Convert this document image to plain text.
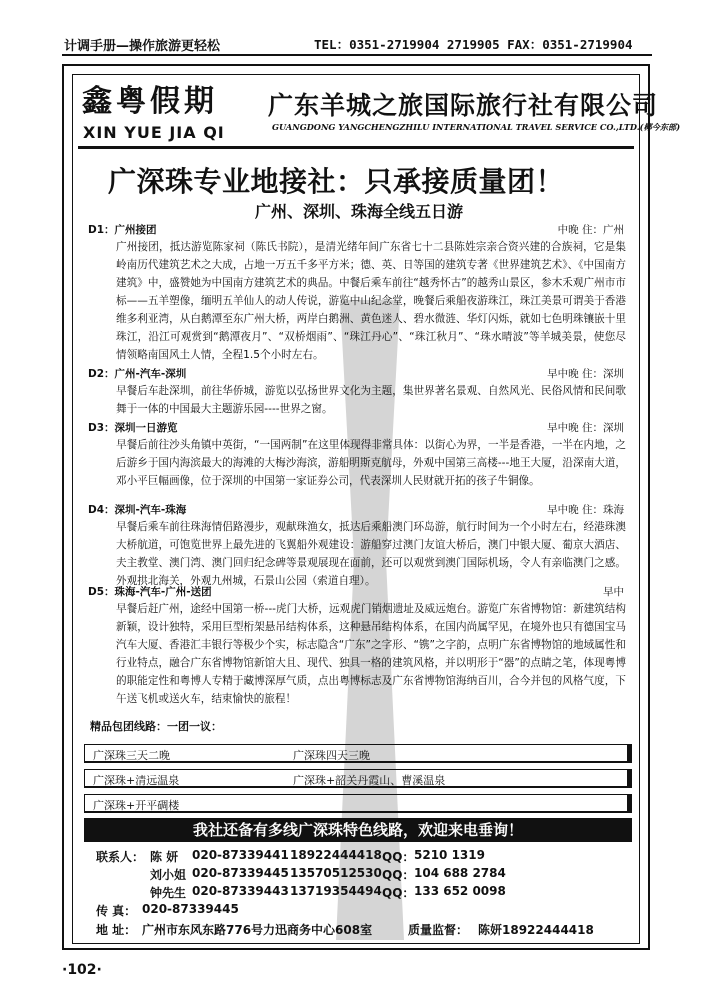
计调手册—操作旅游更轻松	TEL：0351-2719904 2719905 FAX：0351-2719904
鑫粤假期
XIN YUE JIA QI
广东羊城之旅国际旅行社有限公司
GUANGDONG YANGCHENGZHILU INTERNATIONAL TRAVEL SERVICE CO.,LTD.(椰今东部)
广深珠专业地接社：只承接质量团！
广州、深圳、珠海全线五日游
D1：广州接团	中晚 住：广州

广州接团，抵达游览陈家祠（陈氏书院），是清光绪年间广东省七十二县陈姓宗亲合资兴建的合族祠，它是集岭南历代建筑艺术之大成，占地一万五千多平方米；德、英、日等国的建筑专著《世界建筑艺术》、《中国南方建筑》中，盛赞她为中国南方建筑艺术的典品。中餐后乘车前往“越秀怀古”的越秀山景区，参木禾观广州市市标——五羊塑像，缅明五羊仙人的动人传说，游览中山纪念堂，晚餐后乘船夜游珠江，珠江美景可谓美于香港维多利亚湾，从白鹅潭至东广州大桥，两岸白鹅洲、黄色迷人、碧水微涟、华灯闪烁，就如七色明珠镶嵌十里珠江，沿江可观赏到“鹅潭夜月”、“双桥烟雨”、“珠江丹心”、“珠江秋月”、“珠水晴波”等羊城美景，使您尽情领略南国风土人情，全程1.5个小时左右。

D2：广州-汽车-深圳	早中晚 住：深圳

早餐后车赴深圳，前往华侨城，游览以弘扬世界文化为主题，集世界著名景观、自然风光、民俗风情和民间歌舞于一体的中国最大主题游乐园----世界之窗。

D3：深圳一日游览	早中晚 住：深圳

早餐后前往沙头角镇中英街，“一国两制”在这里体现得非常具体：以街心为界，一半是香港，一半在内地，之后游乡于国内海滨最大的海滩的大梅沙海滨，游船明斯克航母，外观中国第三高楼---地王大厦，沿深南大道，邓小平巨幅画像，位于深圳的中国第一家证券公司，代表深圳人民财就开拓的孩子牛铜像。

D4：深圳-汽车-珠海	早中晚 住：珠海

早餐后乘车前往珠海情侣路漫步，观献珠渔女，抵达后乘船澳门环岛游，航行时间为一个小时左右，经港珠澳大桥航道，可饱览世界上最先进的飞翼船外观建设：游船穿过澳门友谊大桥后，澳门中银大厦、葡京大酒店、夫主教堂、澳门湾、澳门回归纪念碑等景观展现在面前，还可以观赏到澳门国际机场，令人有亲临澳门之感。外观拱北海关，外观九州城，石景山公园（索道自理）。

D5：珠海-汽车-广州-送团	早中

早餐后赶广州，途经中国第一桥---虎门大桥，远观虎门销烟遗址及威远炮台。游览广东省博物馆：新建筑结构新颖，设计独特，采用巨型桁架悬吊结构体系，这种悬吊结构体系，在国内尚属罕见，在境外也只有德国宝马汽车大厦、香港汇丰银行等极少个实，标志隐含“广东”之字形、“镌”之字韵，点明广东省博物馆的地域属性和行业特点，融合广东省博物馆新馆大且、现代、独具一格的建筑风格，并以明形于“器”的点睛之笔，体现粤博的职能定性和粤博人专精于藏博深厚气质，点出粤博标志及广东省博物馆海纳百川，合今并包的风格气度，下午送飞机或送火车，结束愉快的旅程！

精品包团线路：一团一议：
广深珠三天二晚	广深珠四天三晚
广深珠+清远温泉	广深珠+韶关丹霞山、曹溪温泉
广深珠+开平碉楼
我社还备有多线广深珠特色线路，欢迎来电垂询！
联系人： 陈 妍 020-87339441 18922444418 QQ： 5210 1319
刘小姐 020-87339445 13570512530 QQ： 104 688 2784
钟先生 020-87339443 13719354494 QQ： 133 652 0098
传 真： 020-87339445
地 址： 广州市东风东路776号力迅商务中心608室	质量监督： 陈妍18922444418
·102·
